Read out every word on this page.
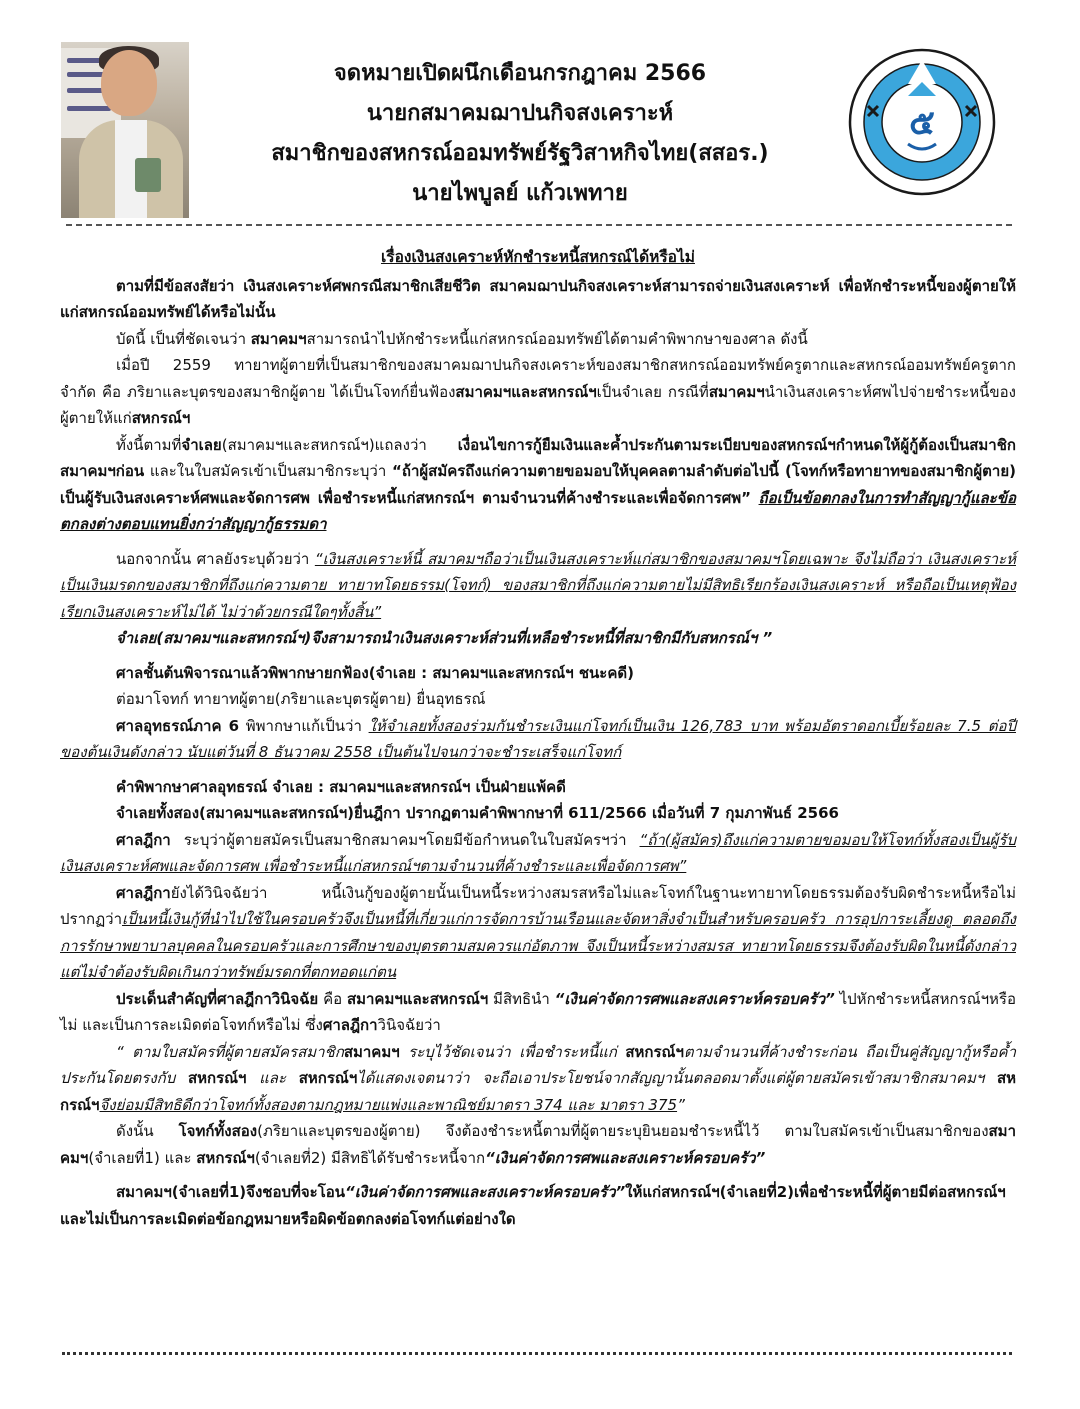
จดหมายเปิดผนึกเดือนกรกฎาคม 2566
นายกสมาคมฌาปนกิจสงเคราะห์
สมาชิกของสหกรณ์ออมทรัพย์รัฐวิสาหกิจไทย(สสอร.)
นายไพบูลย์ แก้วเพทาย
๕

เรื่องเงินสงเคราะห์หักชำระหนี้สหกรณ์ได้หรือไม่

ตามที่มีข้อสงสัยว่า เงินสงเคราะห์ศพกรณีสมาชิกเสียชีวิต สมาคมฌาปนกิจสงเคราะห์สามารถจ่ายเงินสงเคราะห์ เพื่อหักชำระหนี้ของผู้ตายให้แก่สหกรณ์ออมทรัพย์ได้หรือไม่นั้น

บัดนี้ เป็นที่ชัดเจนว่า สมาคมฯสามารถนำไปหักชำระหนี้แก่สหกรณ์ออมทรัพย์ได้ตามคำพิพากษาของศาล ดังนี้

เมื่อปี 2559 ทายาทผู้ตายที่เป็นสมาชิกของสมาคมฌาปนกิจสงเคราะห์ของสมาชิกสหกรณ์ออมทรัพย์ครูตากและสหกรณ์ออมทรัพย์ครูตาก จำกัด คือ ภริยาและบุตรของสมาชิกผู้ตาย ได้เป็นโจทก์ยื่นฟ้องสมาคมฯและสหกรณ์ฯเป็นจำเลย กรณีที่สมาคมฯนำเงินสงเคราะห์ศพไปจ่ายชำระหนี้ของผู้ตายให้แก่สหกรณ์ฯ

ทั้งนี้ตามที่จำเลย(สมาคมฯและสหกรณ์ฯ)แถลงว่า เงื่อนไขการกู้ยืมเงินและค้ำประกันตามระเบียบของสหกรณ์ฯกำหนดให้ผู้กู้ต้องเป็นสมาชิกสมาคมฯก่อน และในใบสมัครเข้าเป็นสมาชิกระบุว่า “ถ้าผู้สมัครถึงแก่ความตายขอมอบให้บุคคลตามลำดับต่อไปนี้ (โจทก์หรือทายาทของสมาชิกผู้ตาย) เป็นผู้รับเงินสงเคราะห์ศพและจัดการศพ เพื่อชำระหนี้แก่สหกรณ์ฯ ตามจำนวนที่ค้างชำระและเพื่อจัดการศพ” ถือเป็นข้อตกลงในการทำสัญญากู้และข้อตกลงต่างตอบแทนยิ่งกว่าสัญญากู้ธรรมดา

นอกจากนั้น ศาลยังระบุด้วยว่า “เงินสงเคราะห์นี้ สมาคมฯถือว่าเป็นเงินสงเคราะห์แก่สมาชิกของสมาคมฯโดยเฉพาะ จึงไม่ถือว่า เงินสงเคราะห์เป็นเงินมรดกของสมาชิกที่ถึงแก่ความตาย ทายาทโดยธรรม(โจทก์) ของสมาชิกที่ถึงแก่ความตายไม่มีสิทธิเรียกร้องเงินสงเคราะห์ หรือถือเป็นเหตุฟ้องเรียกเงินสงเคราะห์ไม่ได้ ไม่ว่าด้วยกรณีใดๆทั้งสิ้น”

จำเลย(สมาคมฯและสหกรณ์ฯ)จึงสามารถนำเงินสงเคราะห์ส่วนที่เหลือชำระหนี้ที่สมาชิกมีกับสหกรณ์ฯ ”

ศาลชั้นต้นพิจารณาแล้วพิพากษายกฟ้อง(จำเลย : สมาคมฯและสหกรณ์ฯ ชนะคดี)

ต่อมาโจทก์ ทายาทผู้ตาย(ภริยาและบุตรผู้ตาย) ยื่นอุทธรณ์

ศาลอุทธรณ์ภาค 6 พิพากษาแก้เป็นว่า ให้จำเลยทั้งสองร่วมกันชำระเงินแก่โจทก์เป็นเงิน 126,783 บาท พร้อมอัตราดอกเบี้ยร้อยละ 7.5 ต่อปีของต้นเงินดังกล่าว นับแต่วันที่ 8 ธันวาคม 2558 เป็นต้นไปจนกว่าจะชำระเสร็จแก่โจทก์

คำพิพากษาศาลอุทธรณ์ จำเลย : สมาคมฯและสหกรณ์ฯ เป็นฝ่ายแพ้คดี

จำเลยทั้งสอง(สมาคมฯและสหกรณ์ฯ)ยื่นฎีกา ปรากฏตามคำพิพากษาที่ 611/2566 เมื่อวันที่ 7 กุมภาพันธ์ 2566

ศาลฎีกา ระบุว่าผู้ตายสมัครเป็นสมาชิกสมาคมฯโดยมีข้อกำหนดในใบสมัครฯว่า “ถ้า(ผู้สมัคร)ถึงแก่ความตายขอมอบให้โจทก์ทั้งสองเป็นผู้รับเงินสงเคราะห์ศพและจัดการศพ เพื่อชำระหนี้แก่สหกรณ์ฯตามจำนวนที่ค้างชำระและเพื่อจัดการศพ”

ศาลฎีกายังได้วินิจฉัยว่า หนี้เงินกู้ของผู้ตายนั้นเป็นหนี้ระหว่างสมรสหรือไม่และโจทก์ในฐานะทายาทโดยธรรมต้องรับผิดชำระหนี้หรือไม่ ปรากฏว่าเป็นหนี้เงินกู้ที่นำไปใช้ในครอบครัวจึงเป็นหนี้ที่เกี่ยวแก่การจัดการบ้านเรือนและจัดหาสิ่งจำเป็นสำหรับครอบครัว การอุปการะเลี้ยงดู ตลอดถึงการรักษาพยาบาลบุคคลในครอบครัวและการศึกษาของบุตรตามสมควรแก่อัตภาพ จึงเป็นหนี้ระหว่างสมรส ทายาทโดยธรรมจึงต้องรับผิดในหนี้ดังกล่าว แต่ไม่จำต้องรับผิดเกินกว่าทรัพย์มรดกที่ตกทอดแก่ตน

ประเด็นสำคัญที่ศาลฎีกาวินิจฉัย คือ สมาคมฯและสหกรณ์ฯ มีสิทธินำ “เงินค่าจัดการศพและสงเคราะห์ครอบครัว” ไปหักชำระหนี้สหกรณ์ฯหรือไม่ และเป็นการละเมิดต่อโจทก์หรือไม่ ซึ่งศาลฎีกาวินิจฉัยว่า

“ ตามใบสมัครที่ผู้ตายสมัครสมาชิกสมาคมฯ ระบุไว้ชัดเจนว่า เพื่อชำระหนี้แก่ สหกรณ์ฯตามจำนวนที่ค้างชำระก่อน ถือเป็นคู่สัญญากู้หรือค้ำประกันโดยตรงกับ สหกรณ์ฯ และ สหกรณ์ฯได้แสดงเจตนาว่า จะถือเอาประโยชน์จากสัญญานั้นตลอดมาตั้งแต่ผู้ตายสมัครเข้าสมาชิกสมาคมฯ สหกรณ์ฯจึงย่อมมีสิทธิดีกว่าโจทก์ทั้งสองตามกฎหมายแพ่งและพาณิชย์มาตรา 374 และ มาตรา 375”

ดังนั้น โจทก์ทั้งสอง(ภริยาและบุตรของผู้ตาย) จึงต้องชำระหนี้ตามที่ผู้ตายระบุยินยอมชำระหนี้ไว้ ตามใบสมัครเข้าเป็นสมาชิกของสมาคมฯ(จำเลยที่1) และ สหกรณ์ฯ(จำเลยที่2) มีสิทธิได้รับชำระหนี้จาก“เงินค่าจัดการศพและสงเคราะห์ครอบครัว”

สมาคมฯ(จำเลยที่1)จึงชอบที่จะโอน“เงินค่าจัดการศพและสงเคราะห์ครอบครัว”ให้แก่สหกรณ์ฯ(จำเลยที่2)เพื่อชำระหนี้ที่ผู้ตายมีต่อสหกรณ์ฯ และไม่เป็นการละเมิดต่อข้อกฎหมายหรือผิดข้อตกลงต่อโจทก์แต่อย่างใด
